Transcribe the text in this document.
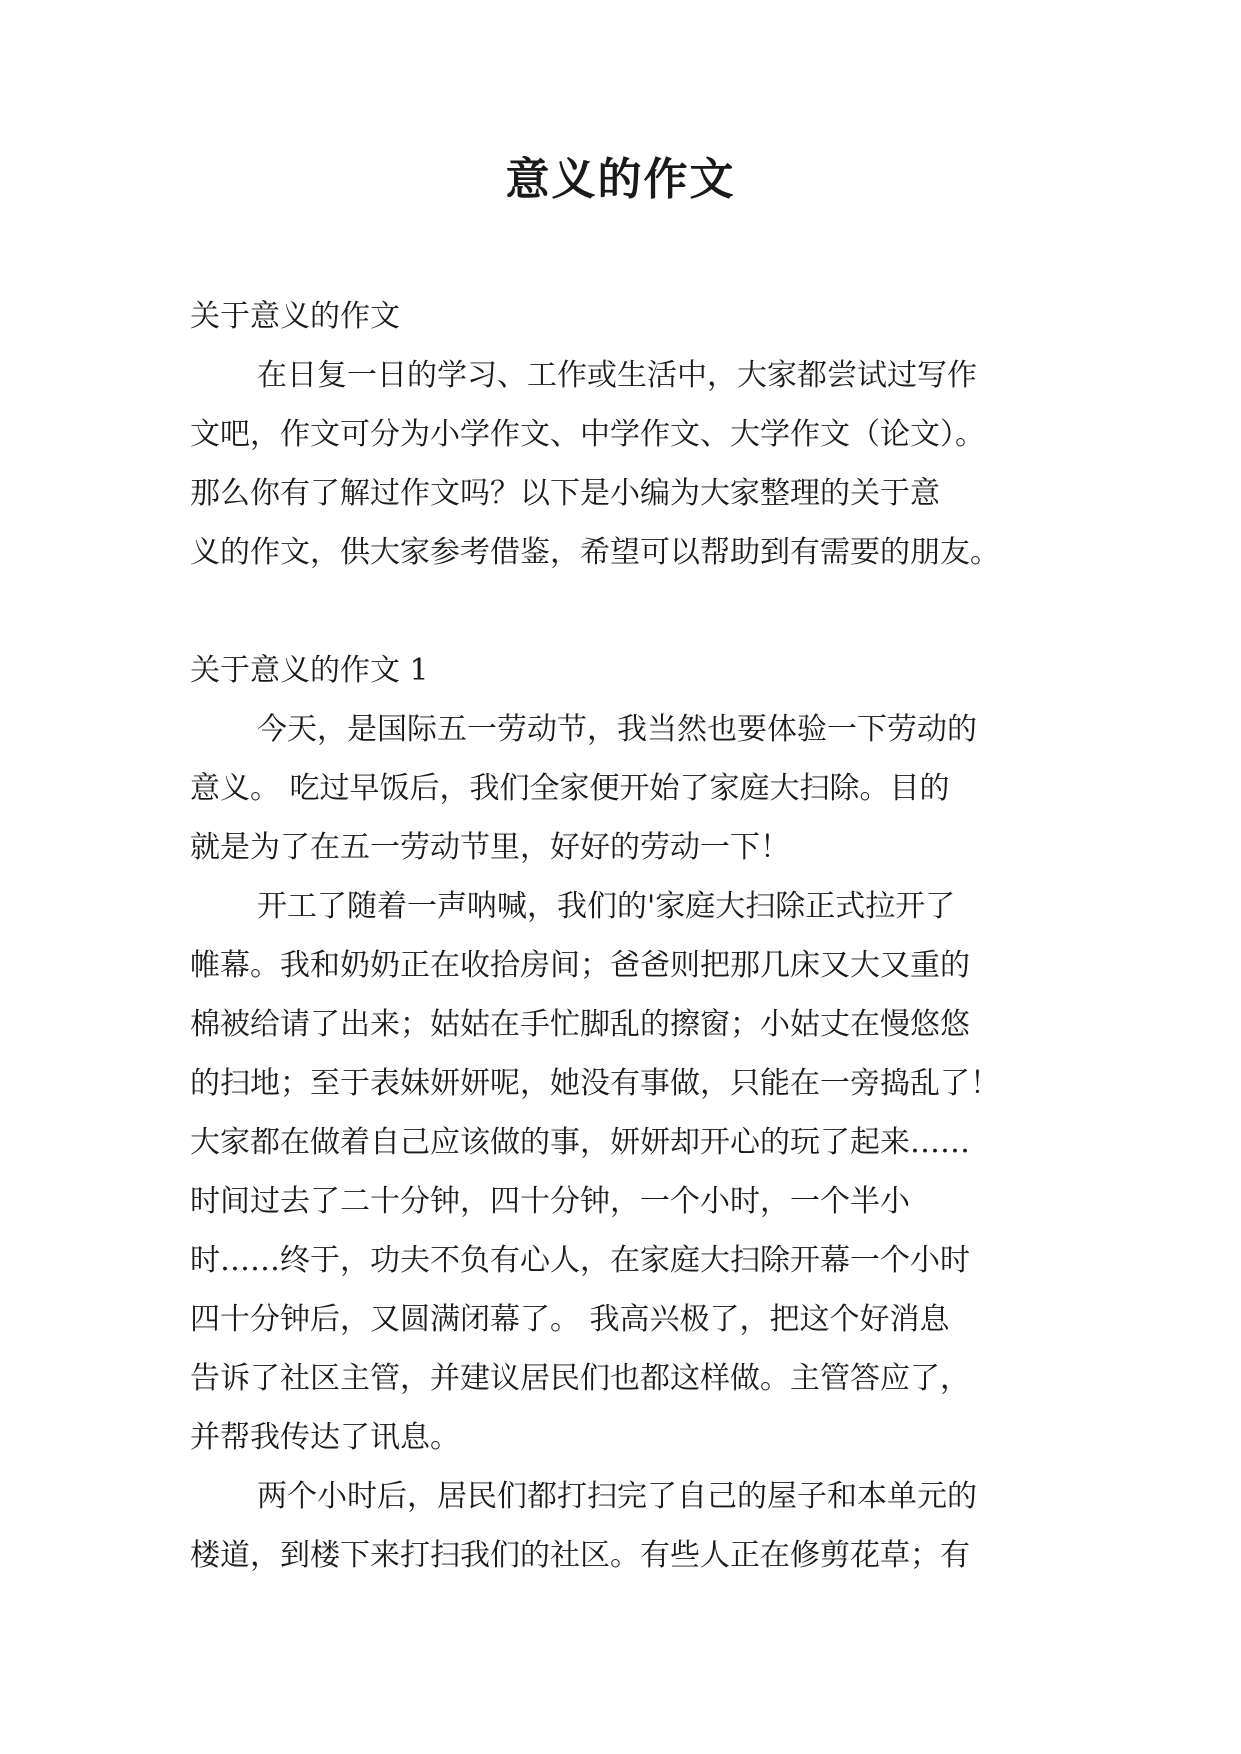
意义的作文
关于意义的作文
在日复一日的学习、工作或生活中，大家都尝试过写作
文吧，作文可分为小学作文、中学作文、大学作文（论文）。
那么你有了解过作文吗？以下是小编为大家整理的关于意
义的作文，供大家参考借鉴，希望可以帮助到有需要的朋友。
关于意义的作文 1
今天，是国际五一劳动节，我当然也要体验一下劳动的
意义。 吃过早饭后，我们全家便开始了家庭大扫除。目的
就是为了在五一劳动节里，好好的劳动一下！
开工了随着一声呐喊，我们的'家庭大扫除正式拉开了
帷幕。我和奶奶正在收拾房间；爸爸则把那几床又大又重的
棉被给请了出来；姑姑在手忙脚乱的擦窗；小姑丈在慢悠悠
的扫地；至于表妹妍妍呢，她没有事做，只能在一旁捣乱了！
大家都在做着自己应该做的事，妍妍却开心的玩了起来……
时间过去了二十分钟，四十分钟，一个小时，一个半小
时……终于，功夫不负有心人，在家庭大扫除开幕一个小时
四十分钟后，又圆满闭幕了。 我高兴极了，把这个好消息
告诉了社区主管，并建议居民们也都这样做。主管答应了，
并帮我传达了讯息。
两个小时后，居民们都打扫完了自己的屋子和本单元的
楼道，到楼下来打扫我们的社区。有些人正在修剪花草；有
